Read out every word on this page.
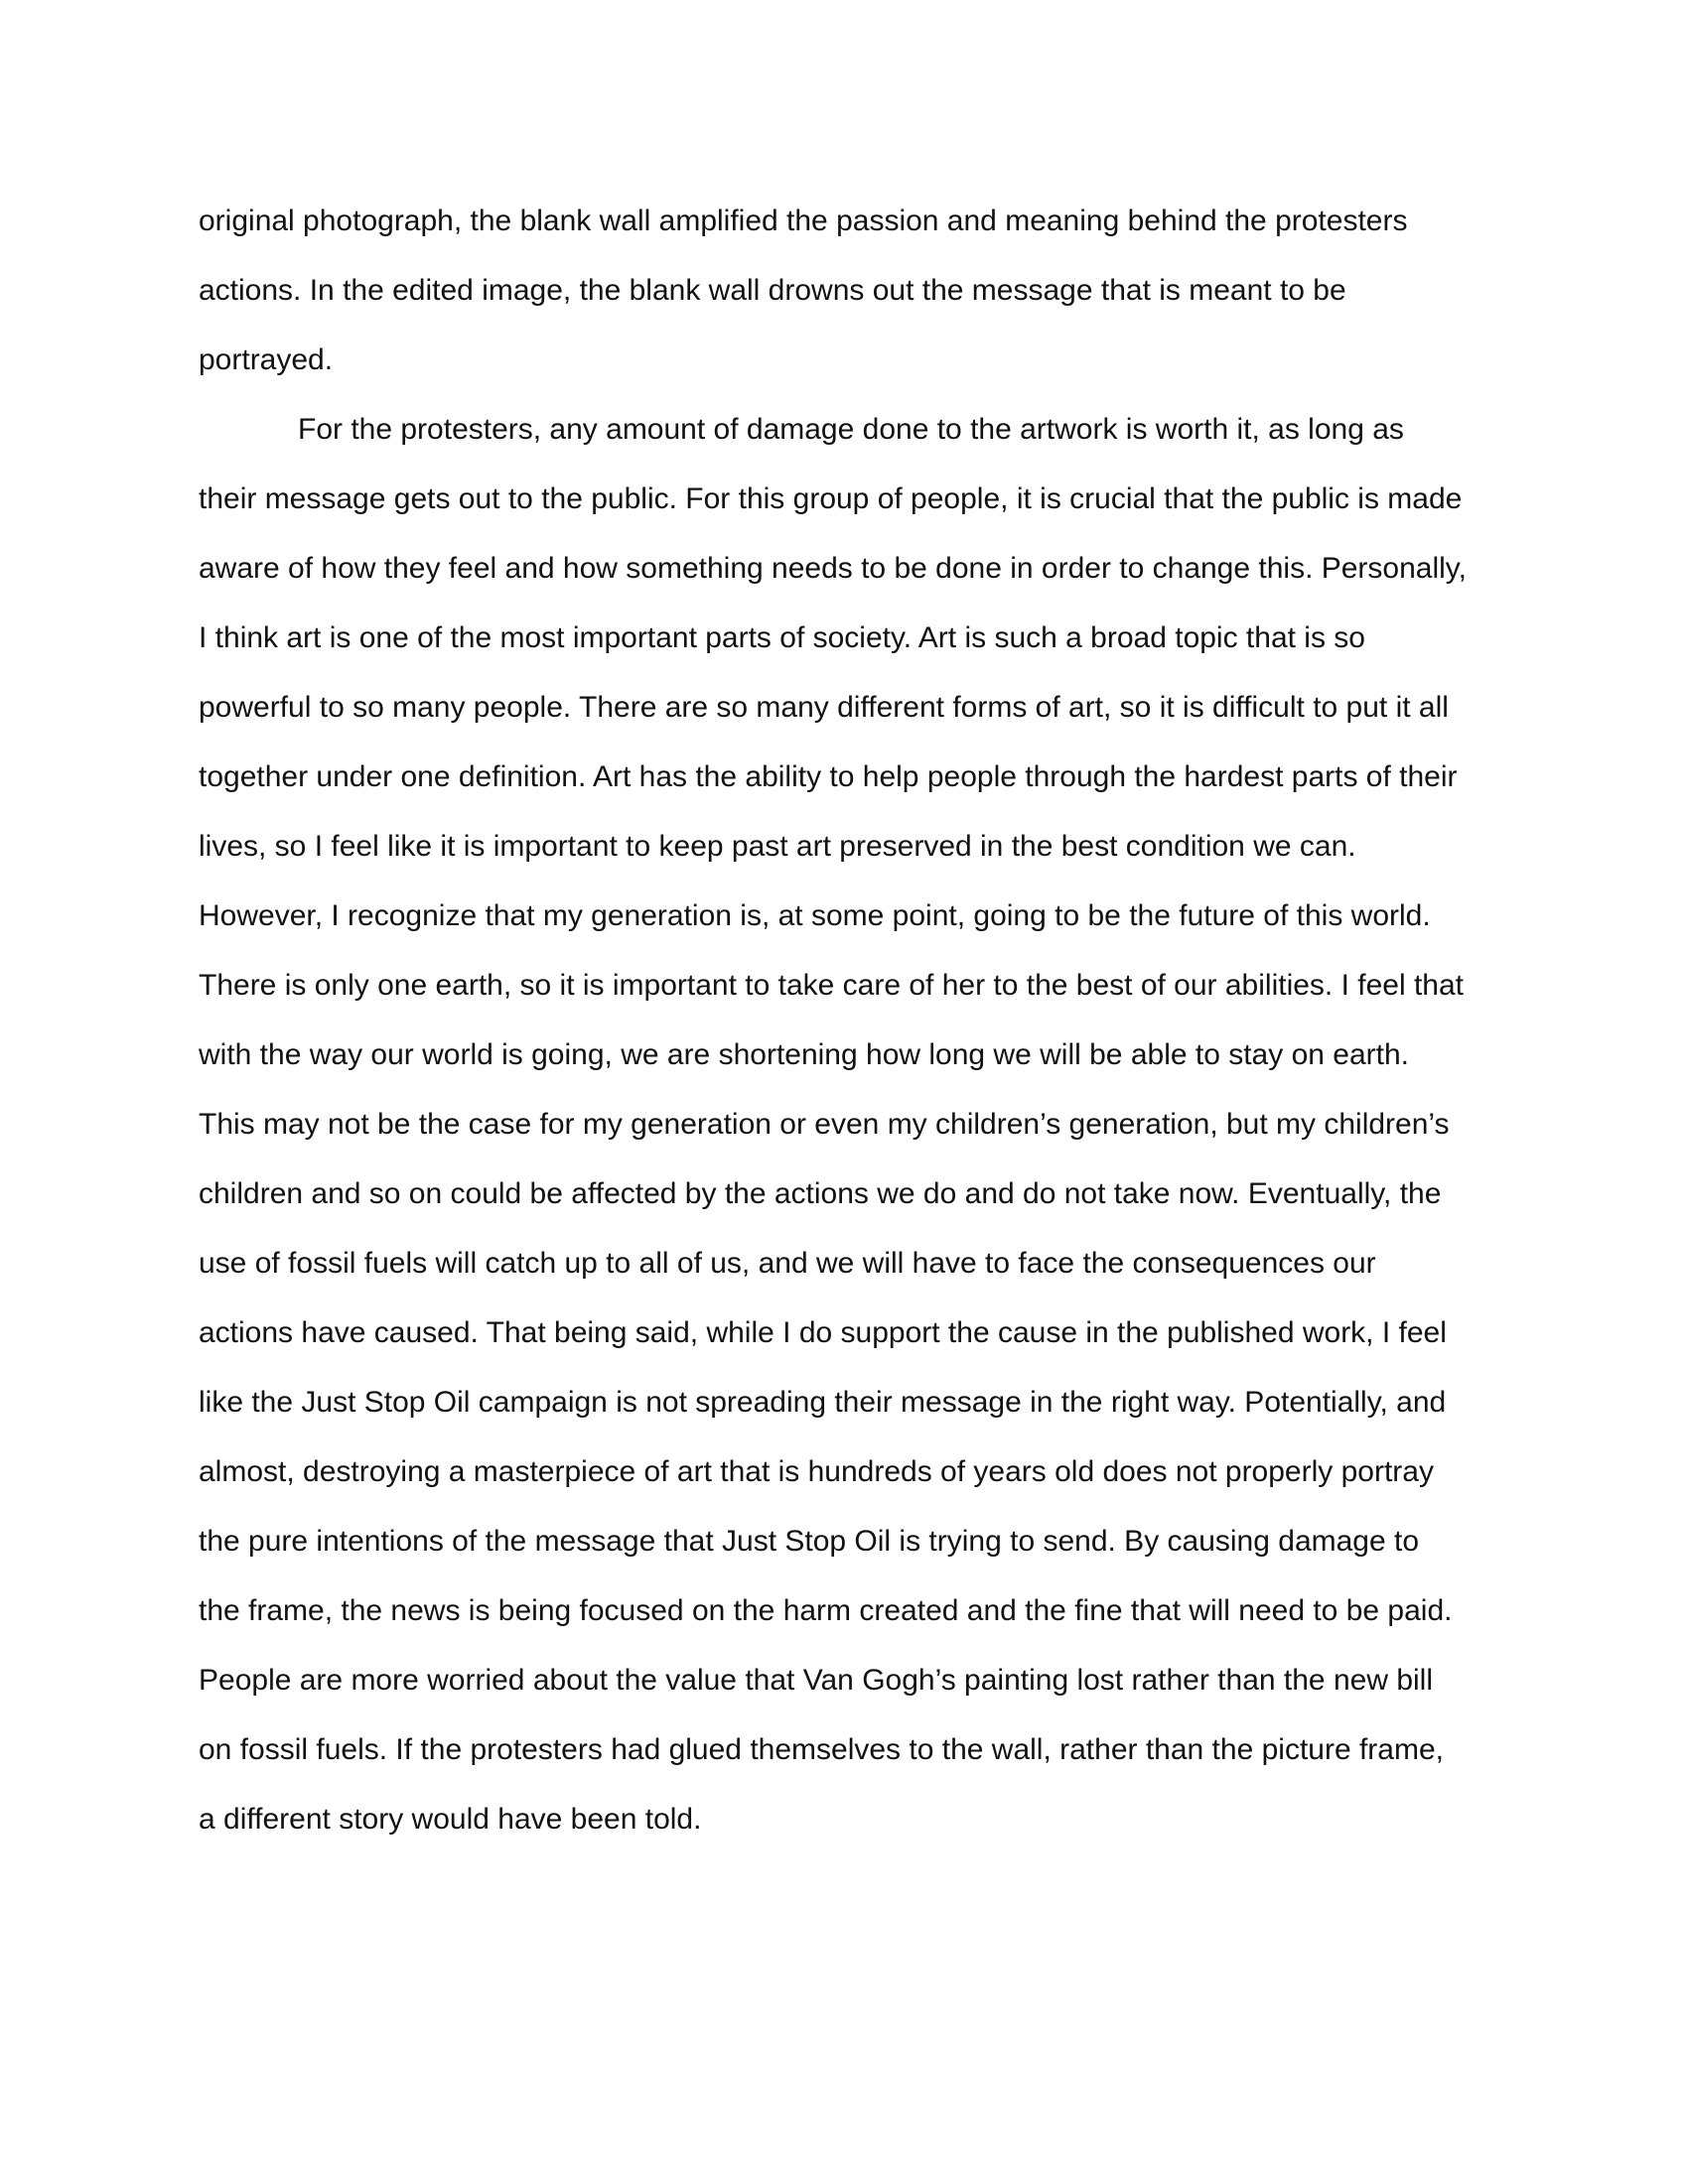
original photograph, the blank wall amplified the passion and meaning behind the protesters
actions. In the edited image, the blank wall drowns out the message that is meant to be
portrayed.
For the protesters, any amount of damage done to the artwork is worth it, as long as
their message gets out to the public. For this group of people, it is crucial that the public is made
aware of how they feel and how something needs to be done in order to change this. Personally,
I think art is one of the most important parts of society. Art is such a broad topic that is so
powerful to so many people. There are so many different forms of art, so it is difficult to put it all
together under one definition. Art has the ability to help people through the hardest parts of their
lives, so I feel like it is important to keep past art preserved in the best condition we can.
However, I recognize that my generation is, at some point, going to be the future of this world.
There is only one earth, so it is important to take care of her to the best of our abilities. I feel that
with the way our world is going, we are shortening how long we will be able to stay on earth.
This may not be the case for my generation or even my children’s generation, but my children’s
children and so on could be affected by the actions we do and do not take now. Eventually, the
use of fossil fuels will catch up to all of us, and we will have to face the consequences our
actions have caused. That being said, while I do support the cause in the published work, I feel
like the Just Stop Oil campaign is not spreading their message in the right way. Potentially, and
almost, destroying a masterpiece of art that is hundreds of years old does not properly portray
the pure intentions of the message that Just Stop Oil is trying to send. By causing damage to
the frame, the news is being focused on the harm created and the fine that will need to be paid.
People are more worried about the value that Van Gogh’s painting lost rather than the new bill
on fossil fuels. If the protesters had glued themselves to the wall, rather than the picture frame,
a different story would have been told.
